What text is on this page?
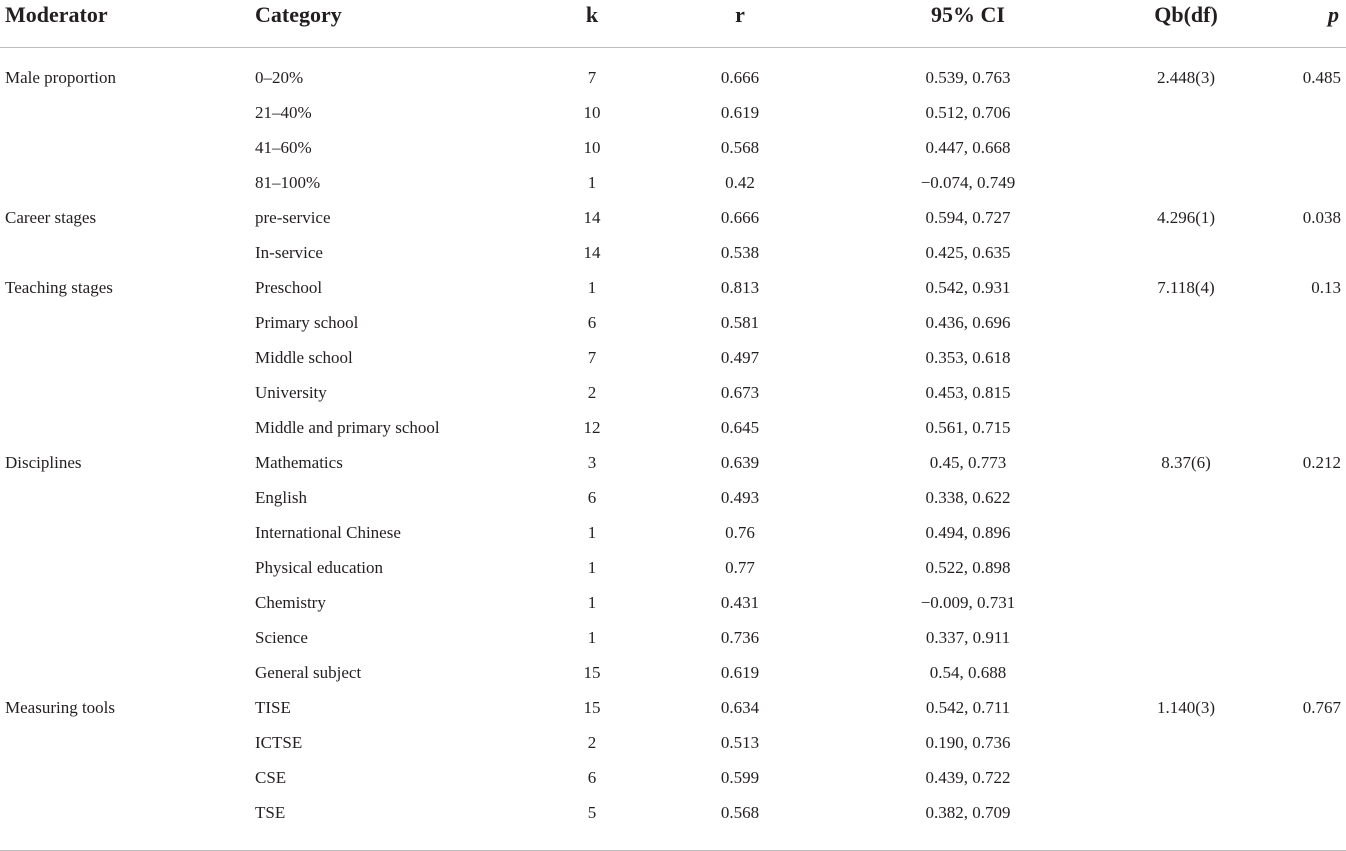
Moderator	Category	k	r	95% CI	Qb(df)	p
Male proportion	0–20%	7	0.666	0.539, 0.763	2.448(3)	0.485
	21–40%	10	0.619	0.512, 0.706		
	41–60%	10	0.568	0.447, 0.668		
	81–100%	1	0.42	−0.074, 0.749		
Career stages	pre-service	14	0.666	0.594, 0.727	4.296(1)	0.038
	In-service	14	0.538	0.425, 0.635		
Teaching stages	Preschool	1	0.813	0.542, 0.931	7.118(4)	0.13
	Primary school	6	0.581	0.436, 0.696		
	Middle school	7	0.497	0.353, 0.618		
	University	2	0.673	0.453, 0.815		
	Middle and primary school	12	0.645	0.561, 0.715		
Disciplines	Mathematics	3	0.639	0.45, 0.773	8.37(6)	0.212
	English	6	0.493	0.338, 0.622		
	International Chinese	1	0.76	0.494, 0.896		
	Physical education	1	0.77	0.522, 0.898		
	Chemistry	1	0.431	−0.009, 0.731		
	Science	1	0.736	0.337, 0.911		
	General subject	15	0.619	0.54, 0.688		
Measuring tools	TISE	15	0.634	0.542, 0.711	1.140(3)	0.767
	ICTSE	2	0.513	0.190, 0.736		
	CSE	6	0.599	0.439, 0.722		
	TSE	5	0.568	0.382, 0.709		
